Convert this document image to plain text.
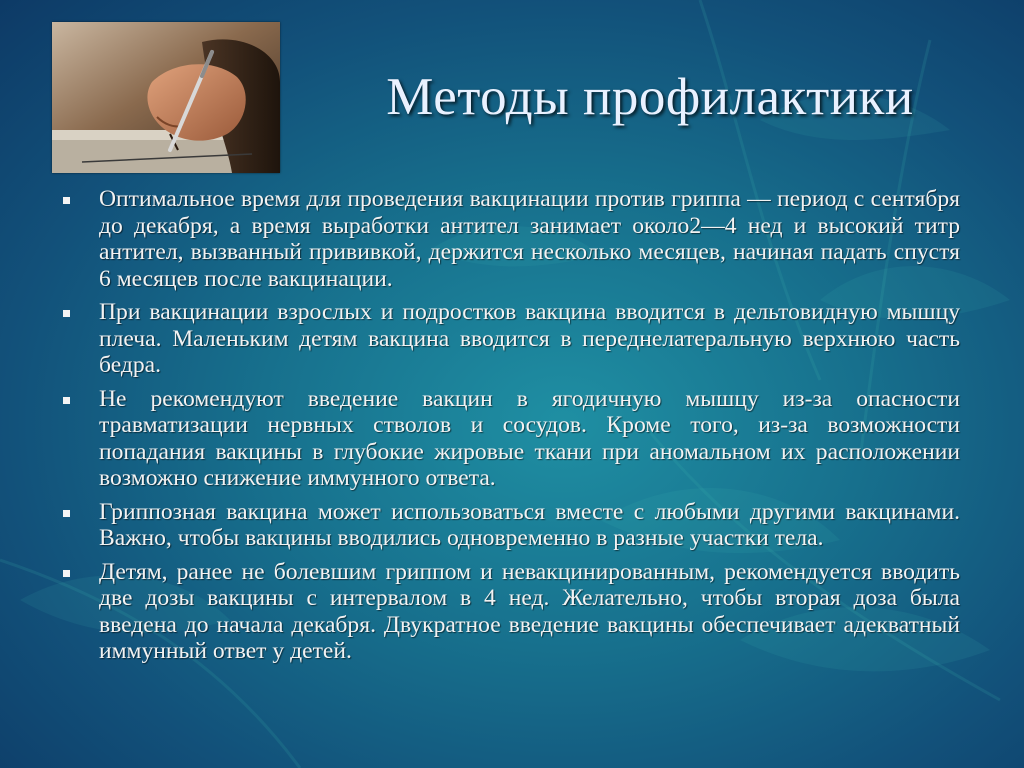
Методы профилактики
Оптимальное время для проведения вакцинации против гриппа — период с сентября до декабря, а время выработки антител занимает около2—4 нед и высокий титр антител, вызванный прививкой, держится несколько месяцев, начиная падать спустя 6 месяцев после вакцинации.
При вакцинации взрослых и подростков вакцина вводится в дельтовидную мышцу плеча. Маленьким детям вакцина вводится в переднелатеральную верхнюю часть бедра.
Не рекомендуют введение вакцин в ягодичную мышцу из-за опасности травматизации нервных стволов и сосудов. Кроме того, из-за возможности попадания вакцины в глубокие жировые ткани при аномальном их расположении возможно снижение иммунного ответа.
Гриппозная вакцина может использоваться вместе с любыми другими вакцинами. Важно, чтобы вакцины вводились одновременно в разные участки тела.
Детям, ранее не болевшим гриппом и невакцинированным, рекомендуется вводить две дозы вакцины с интервалом в 4 нед. Желательно, чтобы вторая доза была введена до начала декабря. Двукратное введение вакцины обеспечивает адекватный иммунный ответ у детей.
